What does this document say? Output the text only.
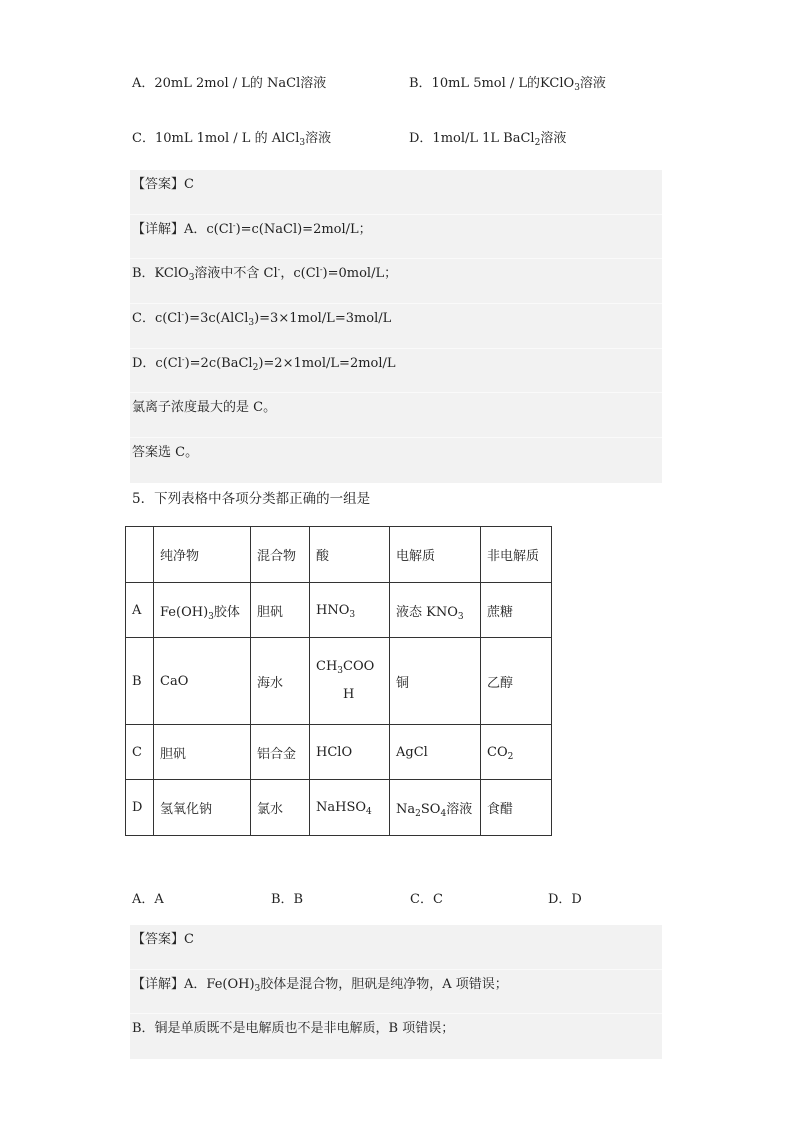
A．20mL 2mol / L的 NaCl溶液	B．10mL 5mol / L的KClO$_3$溶液
C．10mL 1mol / L 的 AlCl$_3$溶液	D．1mol/L 1L BaCl$_2$溶液
【答案】C
【详解】A．c(Cl-)=c(NaCl)=2mol/L；
B．KClO$_3$溶液中不含 Cl-，c(Cl-)=0mol/L；
C．c(Cl-)=3c(AlCl$_3$)=3×1mol/L=3mol/L
D．c(Cl-)=2c(BaCl$_2$)=2×1mol/L=2mol/L
氯离子浓度最大的是 C。
答案选 C。
5．下列表格中各项分类都正确的一组是
	纯净物	混合物	酸	电解质	非电解质
A	$Fe(OH)_3$胶体	胆矾	$HNO_3$	液态 $KNO_3$	蔗糖
B	CaO	海水	$CH_3COOH$	铜	乙醇
C	胆矾	铝合金	HClO	AgCl	$CO_2$
D	氢氧化钠	氯水	NaHSO$_4$	$Na_2SO_4$溶液	食醋
A．A	B．B	C．C	D．D
【答案】C
【详解】A．$Fe(OH)_3$胶体是混合物，胆矾是纯净物，A 项错误；
B．铜是单质既不是电解质也不是非电解质，B 项错误；
